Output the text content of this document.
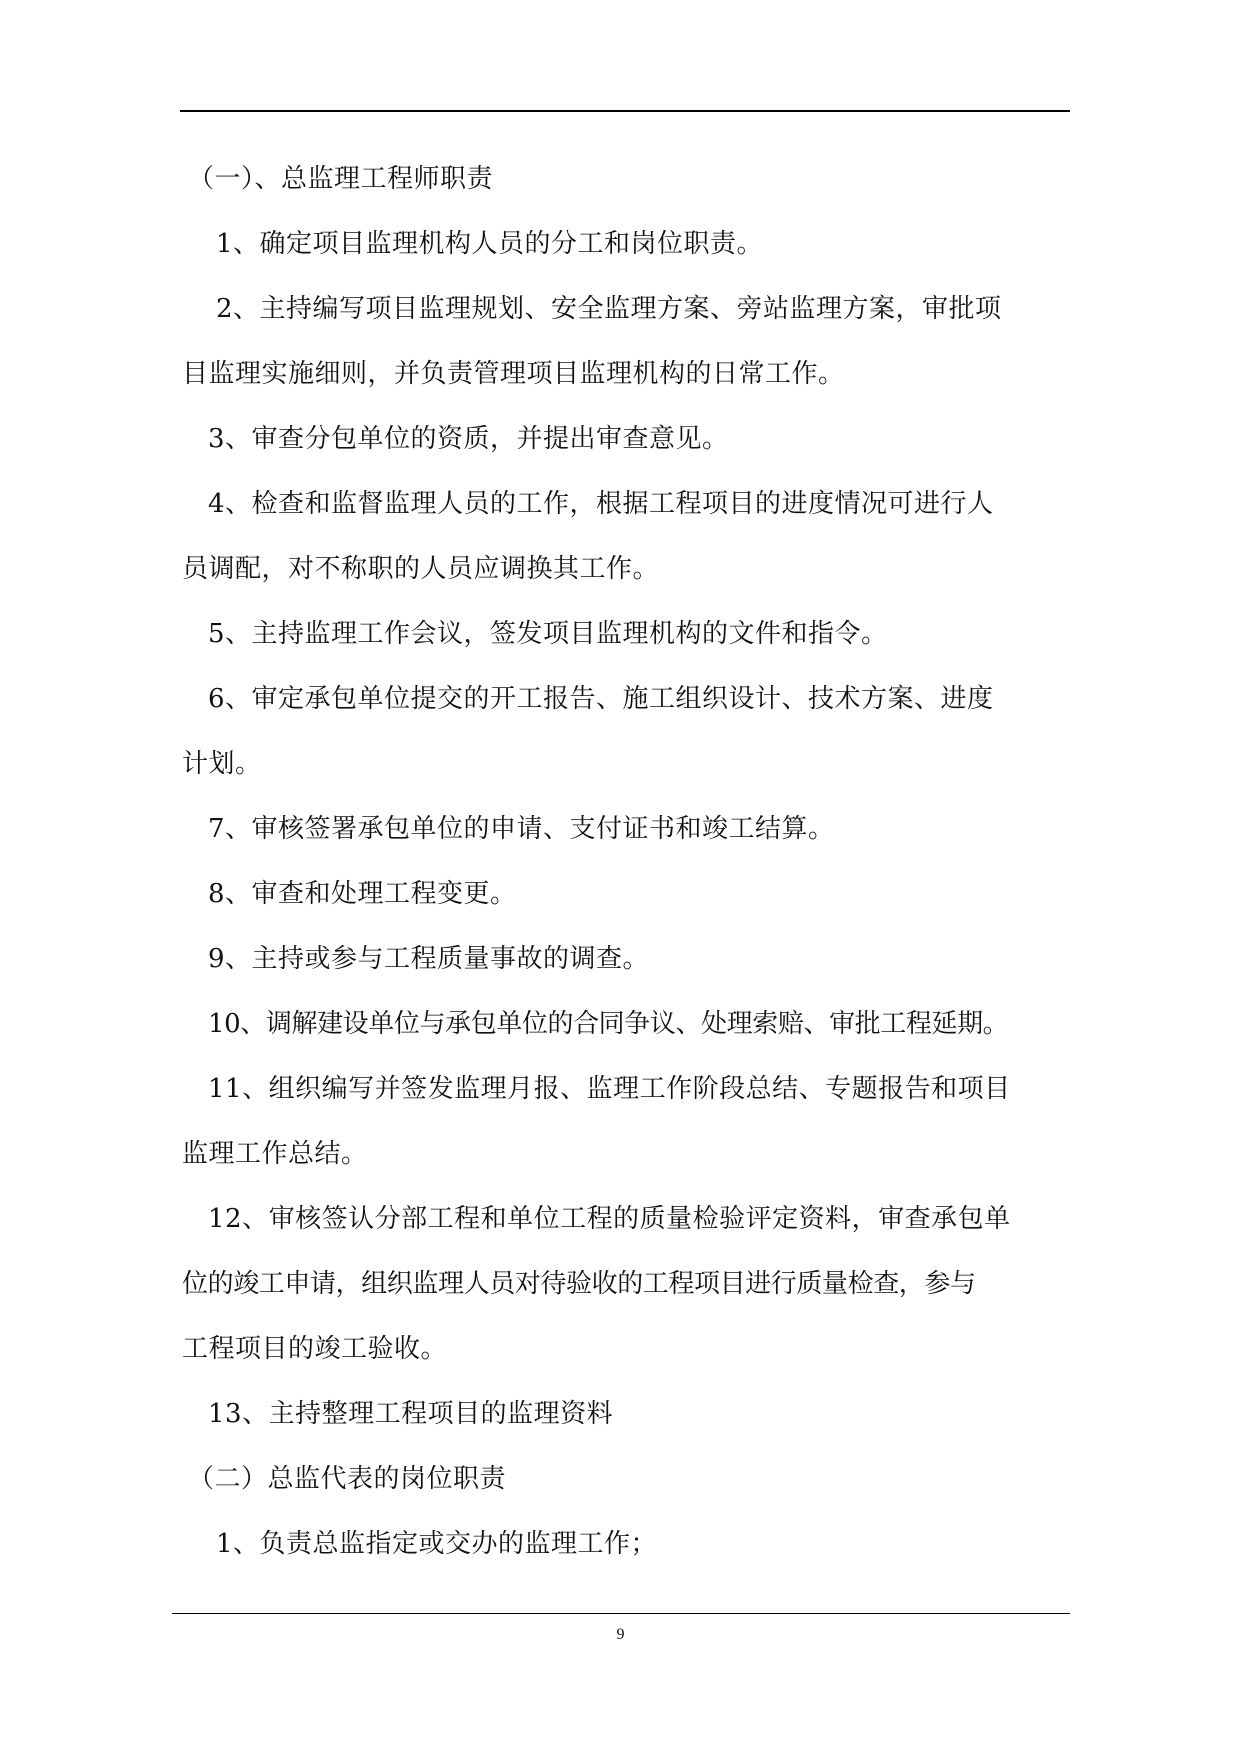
（一）、总监理工程师职责
1、确定项目监理机构人员的分工和岗位职责。
2、主持编写项目监理规划、安全监理方案、旁站监理方案，审批项
目监理实施细则，并负责管理项目监理机构的日常工作。
3、审查分包单位的资质，并提出审查意见。
4、检查和监督监理人员的工作，根据工程项目的进度情况可进行人
员调配，对不称职的人员应调换其工作。
5、主持监理工作会议，签发项目监理机构的文件和指令。
6、审定承包单位提交的开工报告、施工组织设计、技术方案、进度
计划。
7、审核签署承包单位的申请、支付证书和竣工结算。
8、审查和处理工程变更。
9、主持或参与工程质量事故的调查。
10、调解建设单位与承包单位的合同争议、处理索赔、审批工程延期。
11、组织编写并签发监理月报、监理工作阶段总结、专题报告和项目
监理工作总结。
12、审核签认分部工程和单位工程的质量检验评定资料，审查承包单
位的竣工申请，组织监理人员对待验收的工程项目进行质量检查，参与
工程项目的竣工验收。
13、主持整理工程项目的监理资料
（二）总监代表的岗位职责
1、负责总监指定或交办的监理工作；
9
